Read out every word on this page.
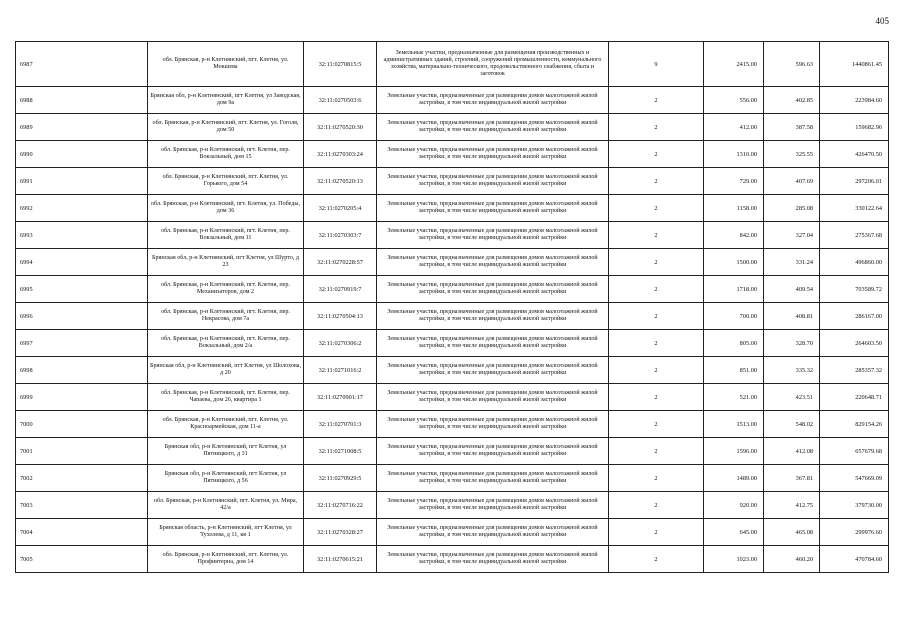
405
6987	обл. Брянская, р-н Клетнянский, пгт. Клетня, ул. Мокшева	32:11:0270815:5	Земельные участки, предназначенные для размещения производственных и административных зданий, строений, сооружений промышленности, коммунального хозяйства, материально-технического, продовольственного снабжения, сбыта и заготовок	9	2415.00	596.63	1440861.45
6988	Брянская обл, р-н Клетнянский, пгт Клетня, ул Заводская, дом 9а	32:11:0270503:6	Земельные участки, предназначенные для размещения домов малоэтажной жилой застройки, в том числе индивидуальной жилой застройки	2	556.00	402.85	223984.60
6989	обл. Брянская, р-н Клетнянский, пгт. Клетня, ул. Гоголя, дом 50	32:11:0270520:30	Земельные участки, предназначенные для размещения домов малоэтажной жилой застройки, в том числе индивидуальной жилой застройки	2	412.00	387.58	159682.96
6990	обл. Брянская, р-н Клетнянский, пгт. Клетня, пер. Вокзальный, дом 15	32:11:0270303:24	Земельные участки, предназначенные для размещения домов малоэтажной жилой застройки, в том числе индивидуальной жилой застройки	2	1310.00	325.55	426470.50
6991	обл. Брянская, р-н Клетнянский, пгт. Клетня, ул. Горького, дом 54	32:11:0270520:13	Земельные участки, предназначенные для размещения домов малоэтажной жилой застройки, в том числе индивидуальной жилой застройки	2	729.00	407.69	297206.01
6992	обл. Брянская, р-н Клетнянский, пгт. Клетня, ул. Победы, дом 36	32:11:0270205:4	Земельные участки, предназначенные для размещения домов малоэтажной жилой застройки, в том числе индивидуальной жилой застройки	2	1158.00	285.08	330122.64
6993	обл. Брянская, р-н Клетнянский, пгт. Клетня, пер. Вокзальный, дом 11	32:11:0270303:7	Земельные участки, предназначенные для размещения домов малоэтажной жилой застройки, в том числе индивидуальной жилой застройки	2	842.00	327.04	275367.68
6994	Брянская обл, р-н Клетнянский, пгт Клетня, ул Шурто, д 23	32:11:0270228:57	Земельные участки, предназначенные для размещения домов малоэтажной жилой застройки, в том числе индивидуальной жилой застройки	2	1500.00	331.24	496860.00
6995	обл. Брянская, р-н Клетнянский, пгт. Клетня, пер. Механизаторов, дом 2	32:11:0270919:7	Земельные участки, предназначенные для размещения домов малоэтажной жилой застройки, в том числе индивидуальной жилой застройки	2	1718.00	409.54	703589.72
6996	обл. Брянская, р-н Клетнянский, пгт. Клетня, пер. Некрасова, дом 7а	32:11:0270504:13	Земельные участки, предназначенные для размещения домов малоэтажной жилой застройки, в том числе индивидуальной жилой застройки	2	700.00	408.81	286167.00
6997	обл. Брянская, р-н Клетнянский, пгт. Клетня, пер. Вокзальный, дом 2/а	32:11:0270306:2	Земельные участки, предназначенные для размещения домов малоэтажной жилой застройки, в том числе индивидуальной жилой застройки	2	805.00	328.70	264603.50
6998	Брянская обл, р-н Клетнянский, пгт Клетня, ул Шолохова, д 20	32:11:0271016:2	Земельные участки, предназначенные для размещения домов малоэтажной жилой застройки, в том числе индивидуальной жилой застройки	2	851.00	335.32	285357.32
6999	обл. Брянская, р-н Клетнянский, пгт. Клетня, пер. Чапаева, дом 26, квартира 1	32:11:0270901:17	Земельные участки, предназначенные для размещения домов малоэтажной жилой застройки, в том числе индивидуальной жилой застройки	2	521.00	423.51	220648.71
7000	обл. Брянская, р-н Клетнянский, пгт. Клетня, ул. Красноармейская, дом 11-а	32:11:0270701:3	Земельные участки, предназначенные для размещения домов малоэтажной жилой застройки, в том числе индивидуальной жилой застройки	2	1513.00	548.02	829154.26
7001	Брянская обл, р-н Клетнянский, пгт Клетня, ул Пятницкого, д 31	32:11:0271008:5	Земельные участки, предназначенные для размещения домов малоэтажной жилой застройки, в том числе индивидуальной жилой застройки	2	1596.00	412.08	657679.68
7002	Брянская обл, р-н Клетнянский, пгт Клетня, ул Пятницкого, д 56	32:11:0270929:5	Земельные участки, предназначенные для размещения домов малоэтажной жилой застройки, в том числе индивидуальной жилой застройки	2	1489.00	367.81	547669.09
7003	обл. Брянская, р-н Клетнянский, пгт. Клетня, ул. Мира, 42/а	32:11:0270716:22	Земельные участки, предназначенные для размещения домов малоэтажной жилой застройки, в том числе индивидуальной жилой застройки	2	920.00	412.75	379730.00
7004	Брянская область, р-н Клетнянский, пгт Клетня, ул Тухолева, д 11, кв 1	32:11:0270328:27	Земельные участки, предназначенные для размещения домов малоэтажной жилой застройки, в том числе индивидуальной жилой застройки	2	645.00	465.08	299976.60
7005	обл. Брянская, р-н Клетнянский, пгт. Клетня, ул. Профинтерна, дом 14	32:11:0270615:21	Земельные участки, предназначенные для размещения домов малоэтажной жилой застройки, в том числе индивидуальной жилой застройки	2	1023.00	460.20	470784.60
